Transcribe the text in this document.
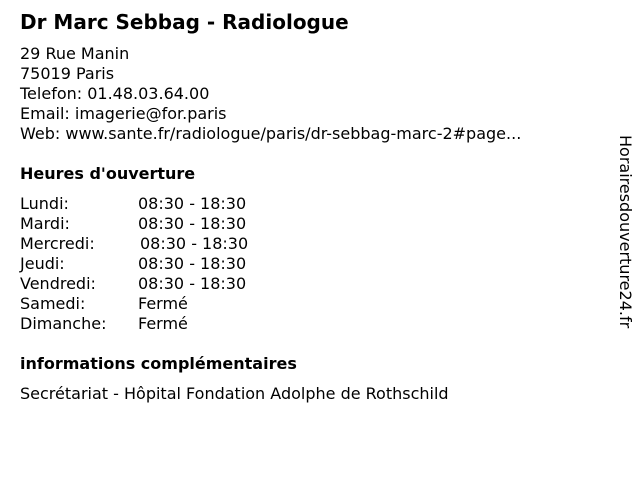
Dr Marc Sebbag - Radiologue
29 Rue Manin
75019 Paris
Telefon: 01.48.03.64.00
Email: imagerie@for.paris
Web: www.sante.fr/radiologue/paris/dr-sebbag-marc-2#page...
Heures d'ouverture
Lundi:	08:30 - 18:30
Mardi:	08:30 - 18:30
Mercredi:	08:30 - 18:30
Jeudi:	08:30 - 18:30
Vendredi:	08:30 - 18:30
Samedi:	Fermé
Dimanche: Fermé
informations complémentaires
Secrétariat - Hôpital Fondation Adolphe de Rothschild
Horairesdouverture24.fr
